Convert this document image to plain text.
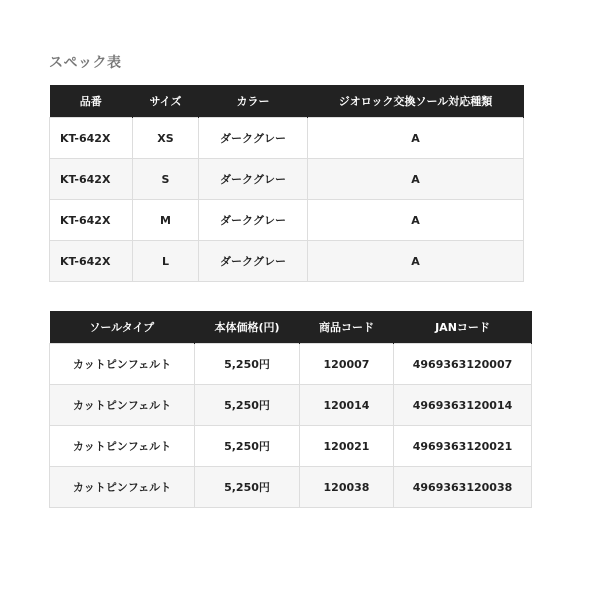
スペック表
品番	サイズ	カラー	ジオロック交換ソール対応種類
KT-642X	XS	ダークグレー	A
KT-642X	S	ダークグレー	A
KT-642X	M	ダークグレー	A
KT-642X	L	ダークグレー	A
ソールタイプ	本体価格(円)	商品コード	JANコード
カットピンフェルト	5,250円	120007	4969363120007
カットピンフェルト	5,250円	120014	4969363120014
カットピンフェルト	5,250円	120021	4969363120021
カットピンフェルト	5,250円	120038	4969363120038
